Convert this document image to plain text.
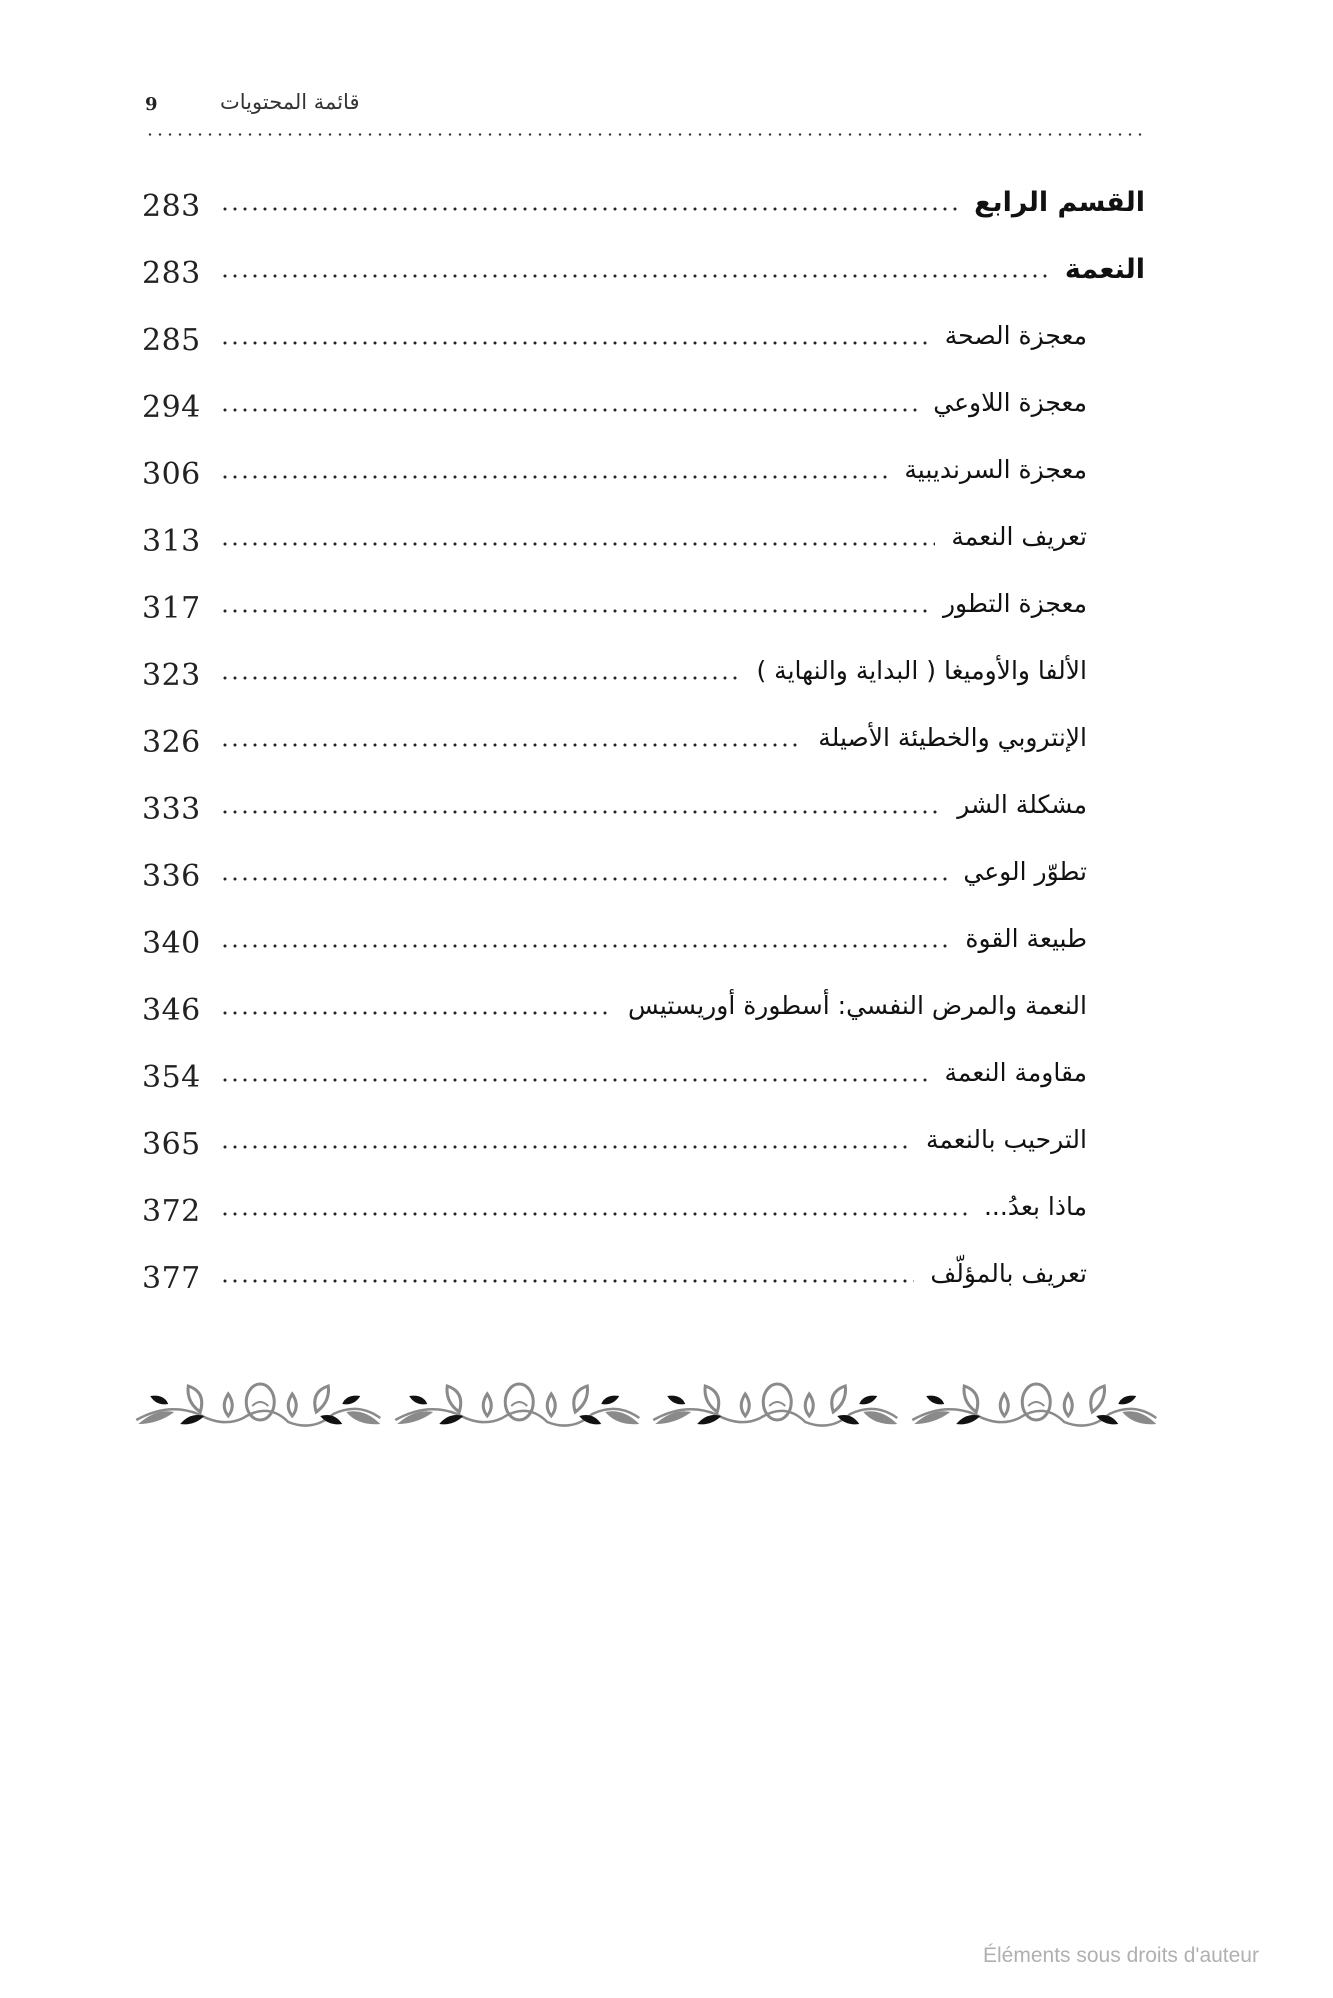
9	قائمة المحتويات
283	القسم الرابع
283	النعمة
285	معجزة الصحة
294	معجزة اللاوعي
306	معجزة السرنديبية
313	تعريف النعمة
317	معجزة التطور
323	الألفا والأوميغا ( البداية والنهاية )
326	الإنتروبي والخطيئة الأصيلة
333	مشكلة الشر
336	تطوّر الوعي
340	طبيعة القوة
346	النعمة والمرض النفسي: أسطورة أوريستيس
354	مقاومة النعمة
365	الترحيب بالنعمة
372	ماذا بعدُ...
377	تعريف بالمؤلّف
Éléments sous droits d'auteur
